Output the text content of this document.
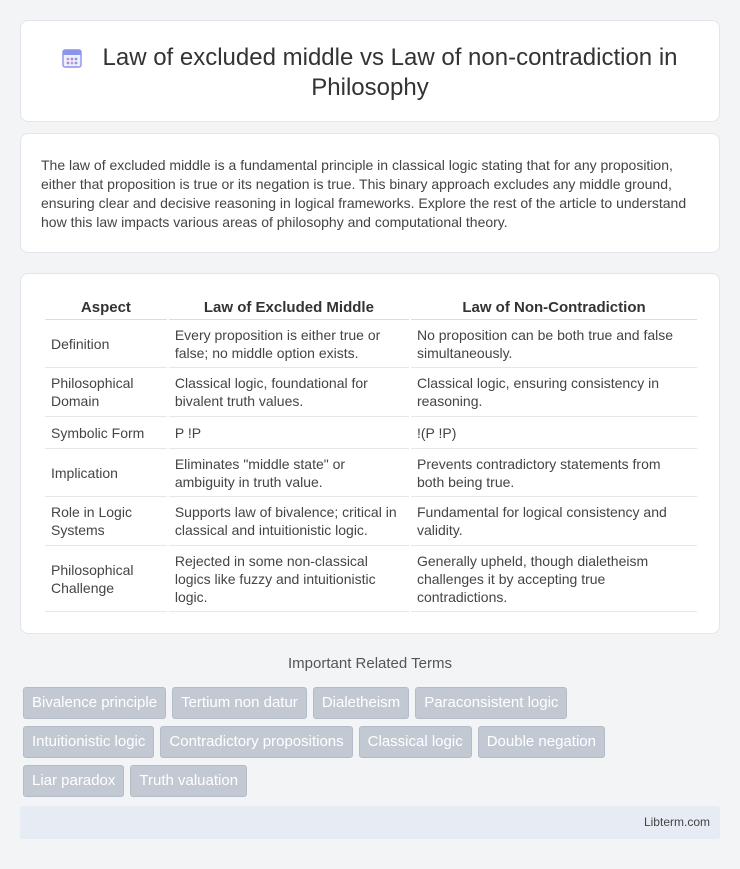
Law of excluded middle vs Law of non-contradiction in
Philosophy

The law of excluded middle is a fundamental principle in classical logic stating that for any proposition, either that proposition is true or its negation is true. This binary approach excludes any middle ground, ensuring clear and decisive reasoning in logical frameworks. Explore the rest of the article to understand how this law impacts various areas of philosophy and computational theory.

Aspect	Law of Excluded Middle	Law of Non-Contradiction
Definition	Every proposition is either true or false; no middle option exists.	No proposition can be both true and false simultaneously.
Philosophical Domain	Classical logic, foundational for bivalent truth values.	Classical logic, ensuring consistency in reasoning.
Symbolic Form	P !P	!(P !P)
Implication	Eliminates "middle state" or ambiguity in truth value.	Prevents contradictory statements from both being true.
Role in Logic Systems	Supports law of bivalence; critical in classical and intuitionistic logic.	Fundamental for logical consistency and validity.
Philosophical Challenge	Rejected in some non-classical logics like fuzzy and intuitionistic logic.	Generally upheld, though dialetheism challenges it by accepting true contradictions.
Important Related Terms
Bivalence principle	Tertium non datur	Dialetheism	Paraconsistent logic
Intuitionistic logic	Contradictory propositions	Classical logic	Double negation
Liar paradox	Truth valuation
Libterm.com
